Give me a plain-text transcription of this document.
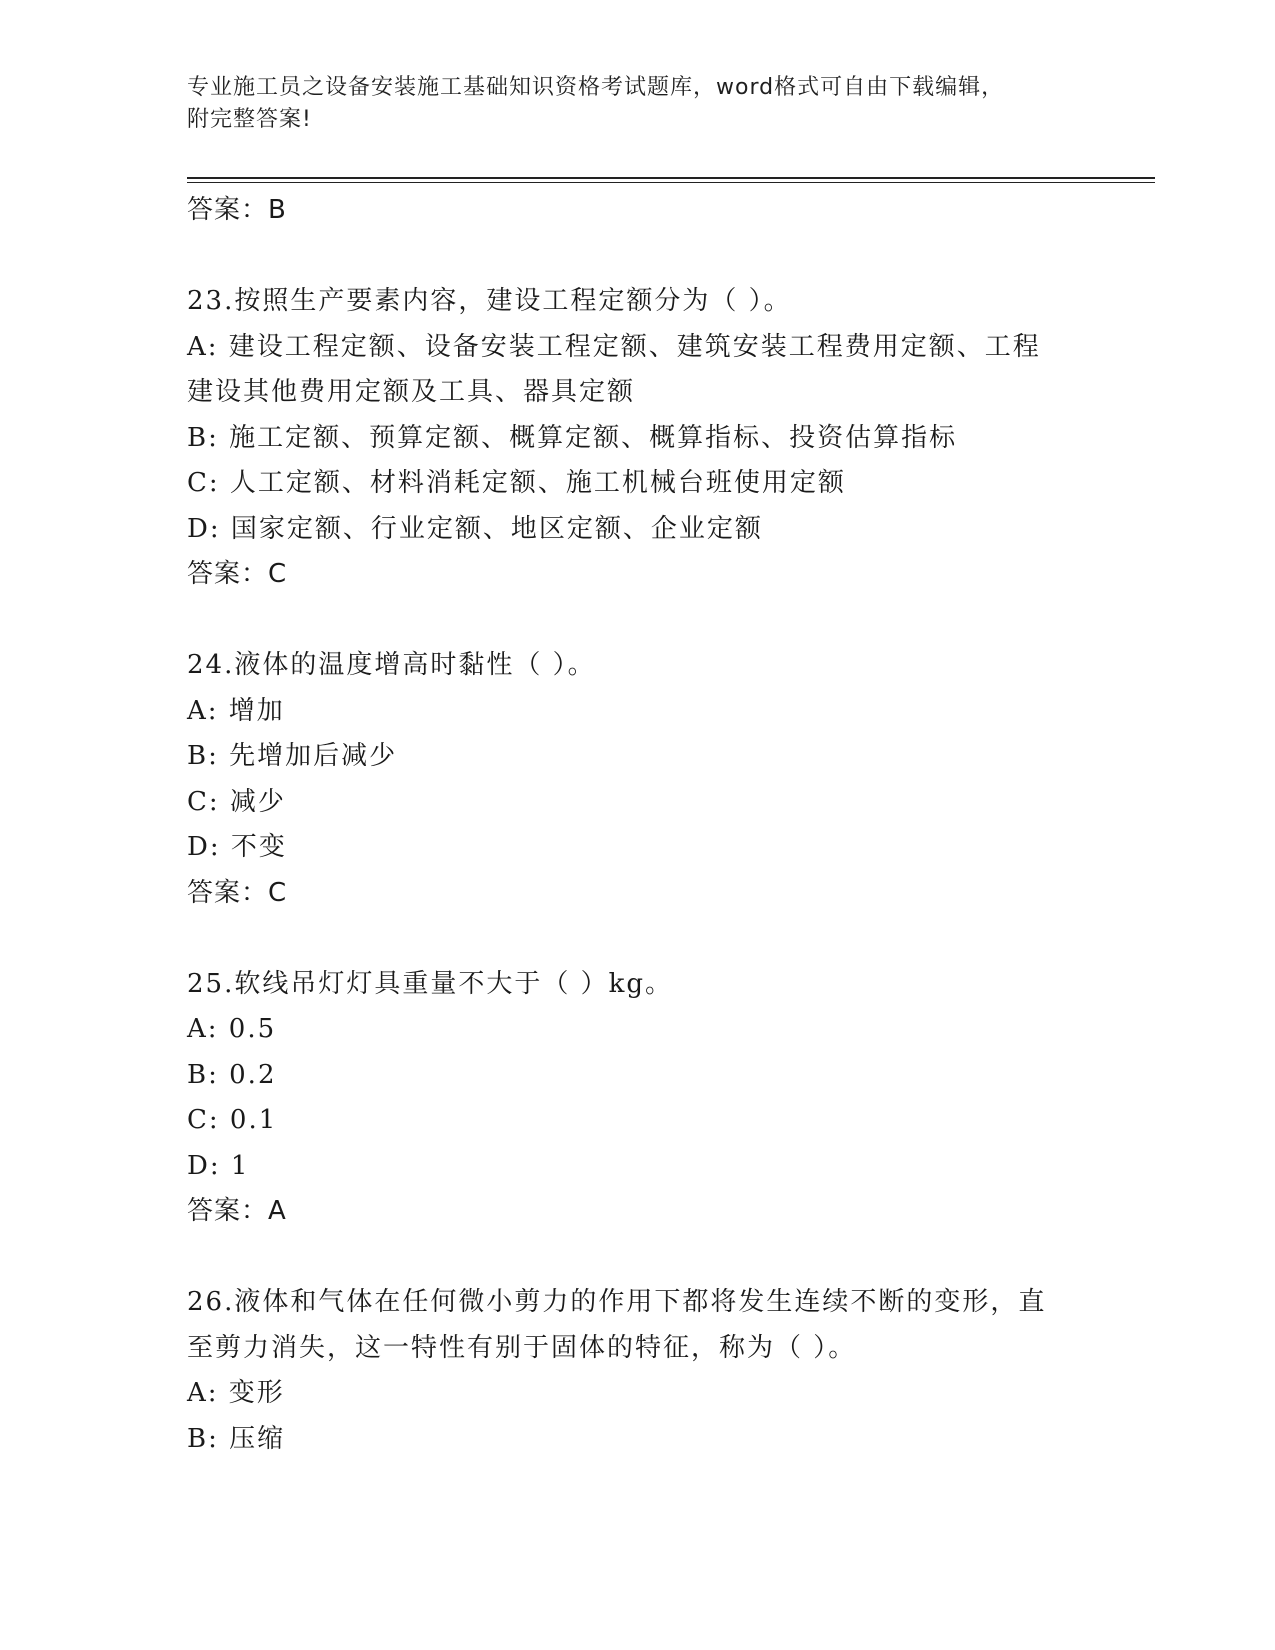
专业施工员之设备安装施工基础知识资格考试题库，word格式可自由下载编辑，
附完整答案!
答案：B
23.按照生产要素内容，建设工程定额分为（ ）。
A: 建设工程定额、设备安装工程定额、建筑安装工程费用定额、工程
建设其他费用定额及工具、器具定额
B: 施工定额、预算定额、概算定额、概算指标、投资估算指标
C: 人工定额、材料消耗定额、施工机械台班使用定额
D: 国家定额、行业定额、地区定额、企业定额
答案：C
24.液体的温度增高时黏性（ ）。
A: 增加
B: 先增加后减少
C: 减少
D: 不变
答案：C
25.软线吊灯灯具重量不大于（ ）kg。
A: 0.5
B: 0.2
C: 0.1
D: 1
答案：A
26.液体和气体在任何微小剪力的作用下都将发生连续不断的变形，直
至剪力消失，这一特性有别于固体的特征，称为（ ）。
A: 变形
B: 压缩
